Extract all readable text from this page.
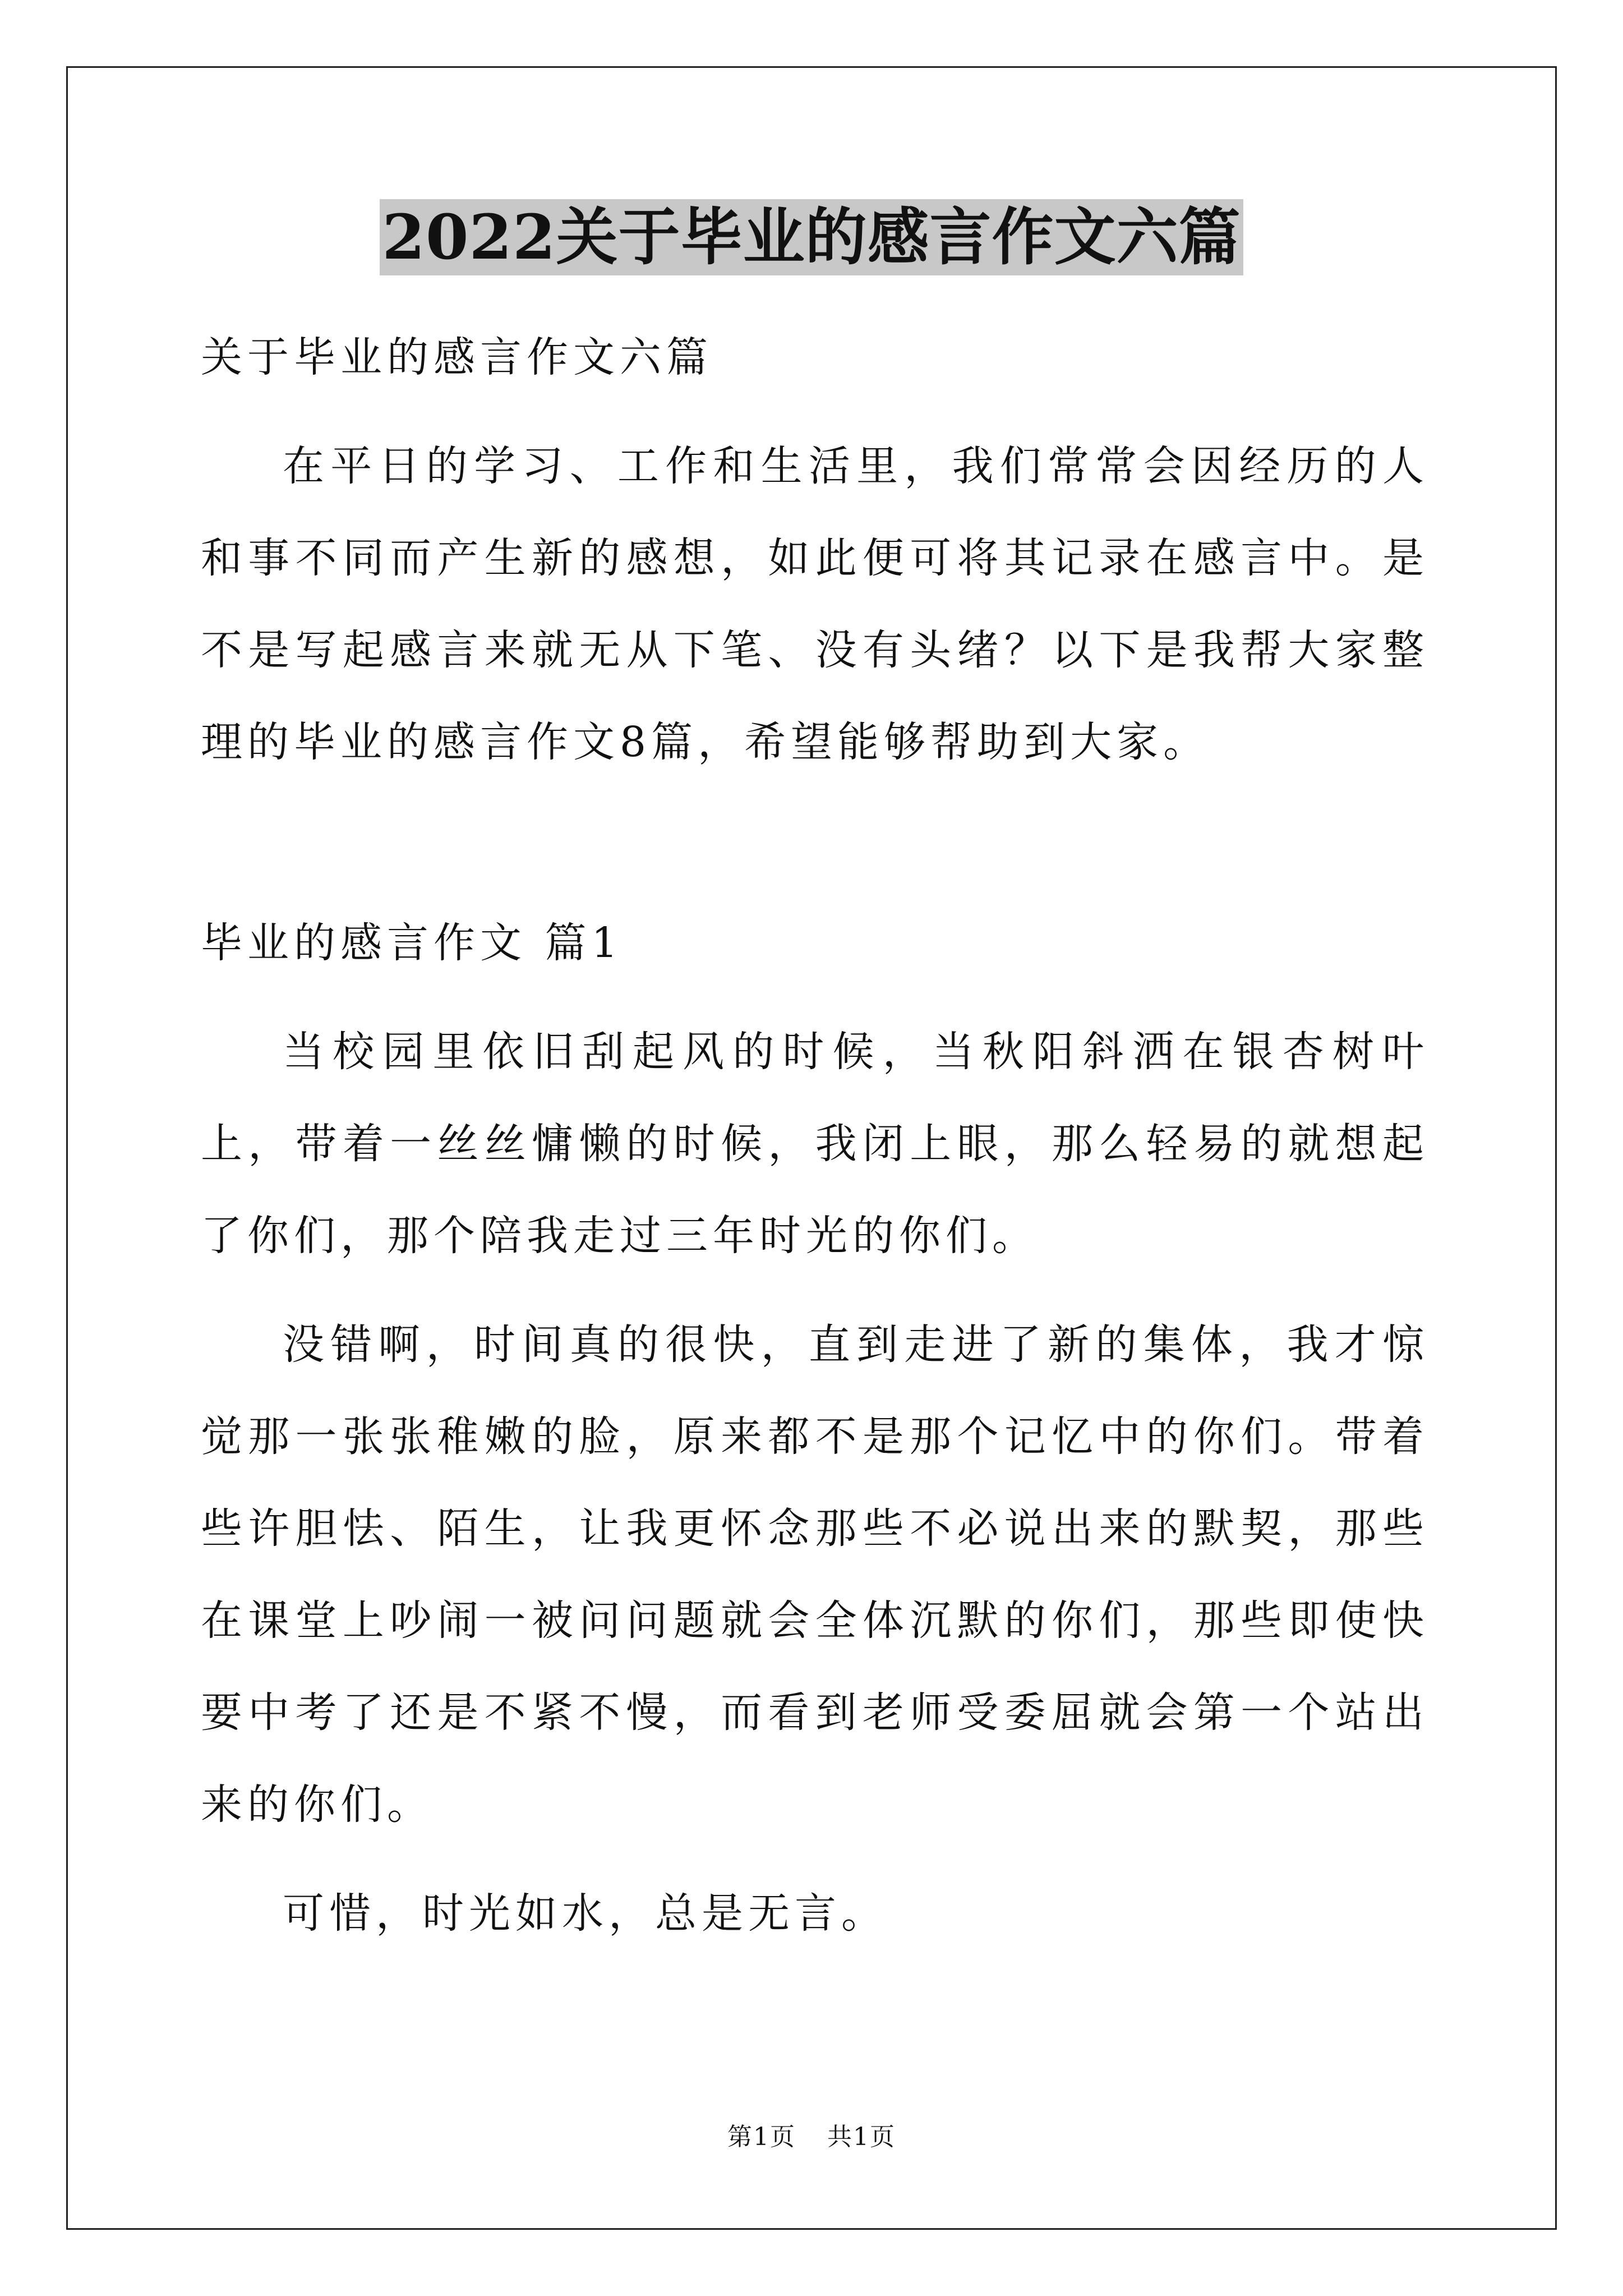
2022关于毕业的感言作文六篇

关于毕业的感言作文六篇

在平日的学习、工作和生活里，我们常常会因经历的人和事不同而产生新的感想，如此便可将其记录在感言中。是不是写起感言来就无从下笔、没有头绪？以下是我帮大家整理的毕业的感言作文8篇，希望能够帮助到大家。

毕业的感言作文 篇1

当校园里依旧刮起风的时候，当秋阳斜洒在银杏树叶上，带着一丝丝慵懒的时候，我闭上眼，那么轻易的就想起了你们，那个陪我走过三年时光的你们。

没错啊，时间真的很快，直到走进了新的集体，我才惊觉那一张张稚嫩的脸，原来都不是那个记忆中的你们。带着些许胆怯、陌生，让我更怀念那些不必说出来的默契，那些在课堂上吵闹一被问问题就会全体沉默的你们，那些即使快要中考了还是不紧不慢，而看到老师受委屈就会第一个站出来的你们。

可惜，时光如水，总是无言。

第1页 共1页
